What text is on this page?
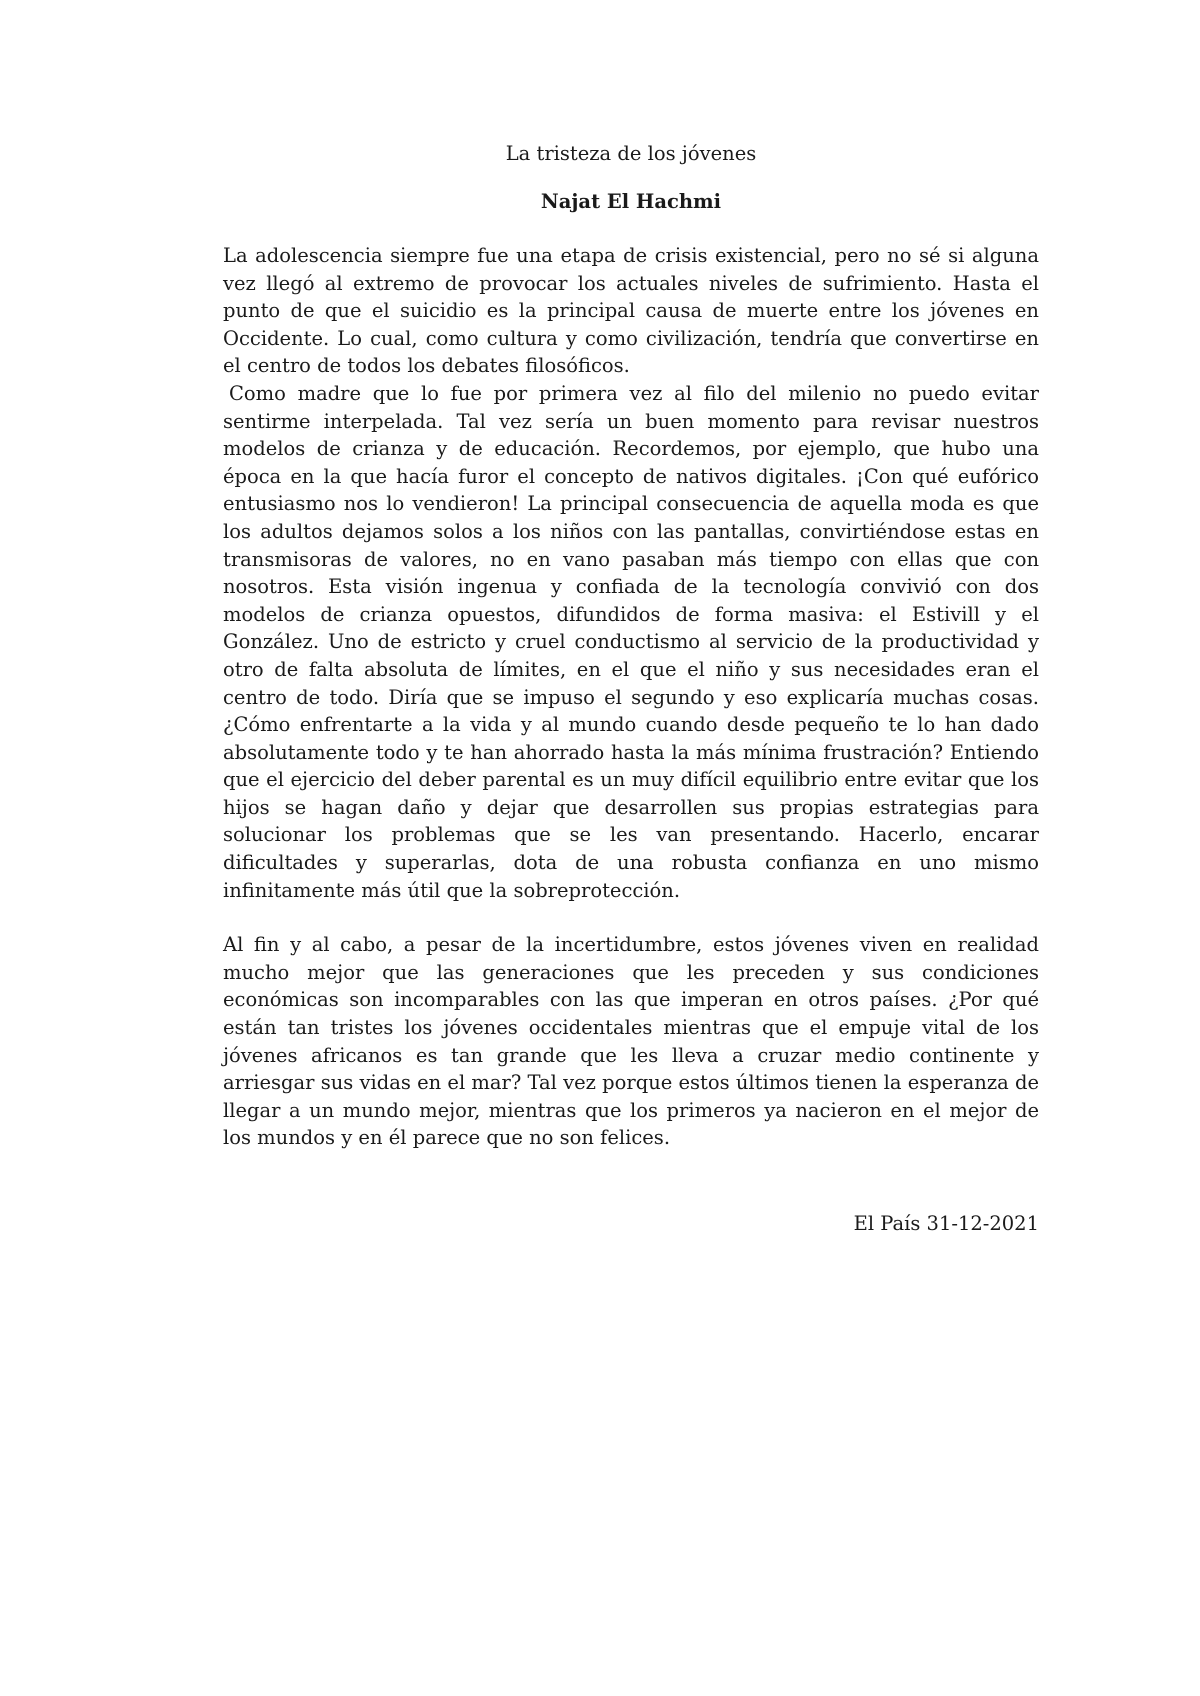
La tristeza de los jóvenes
Najat El Hachmi

La adolescencia siempre fue una etapa de crisis existencial, pero no sé si alguna vez llegó al extremo de provocar los actuales niveles de sufrimiento. Hasta el punto de que el suicidio es la principal causa de muerte entre los jóvenes en Occidente. Lo cual, como cultura y como civilización, tendría que convertirse en el centro de todos los debates filosóficos.

Como madre que lo fue por primera vez al filo del milenio no puedo evitar sentirme interpelada. Tal vez sería un buen momento para revisar nuestros modelos de crianza y de educación. Recordemos, por ejemplo, que hubo una época en la que hacía furor el concepto de nativos digitales. ¡Con qué eufórico entusiasmo nos lo vendieron! La principal consecuencia de aquella moda es que los adultos dejamos solos a los niños con las pantallas, convirtiéndose estas en transmisoras de valores, no en vano pasaban más tiempo con ellas que con nosotros. Esta visión ingenua y confiada de la tecnología convivió con dos modelos de crianza opuestos, difundidos de forma masiva: el Estivill y el González. Uno de estricto y cruel conductismo al servicio de la productividad y otro de falta absoluta de límites, en el que el niño y sus necesidades eran el centro de todo. Diría que se impuso el segundo y eso explicaría muchas cosas. ¿Cómo enfrentarte a la vida y al mundo cuando desde pequeño te lo han dado absolutamente todo y te han ahorrado hasta la más mínima frustración? Entiendo que el ejercicio del deber parental es un muy difícil equilibrio entre evitar que los hijos se hagan daño y dejar que desarrollen sus propias estrategias para solucionar los problemas que se les van presentando. Hacerlo, encarar dificultades y superarlas, dota de una robusta confianza en uno mismo infinitamente más útil que la sobreprotección.

Al fin y al cabo, a pesar de la incertidumbre, estos jóvenes viven en realidad mucho mejor que las generaciones que les preceden y sus condiciones económicas son incomparables con las que imperan en otros países. ¿Por qué están tan tristes los jóvenes occidentales mientras que el empuje vital de los jóvenes africanos es tan grande que les lleva a cruzar medio continente y arriesgar sus vidas en el mar? Tal vez porque estos últimos tienen la esperanza de llegar a un mundo mejor, mientras que los primeros ya nacieron en el mejor de los mundos y en él parece que no son felices.

El País 31-12-2021
